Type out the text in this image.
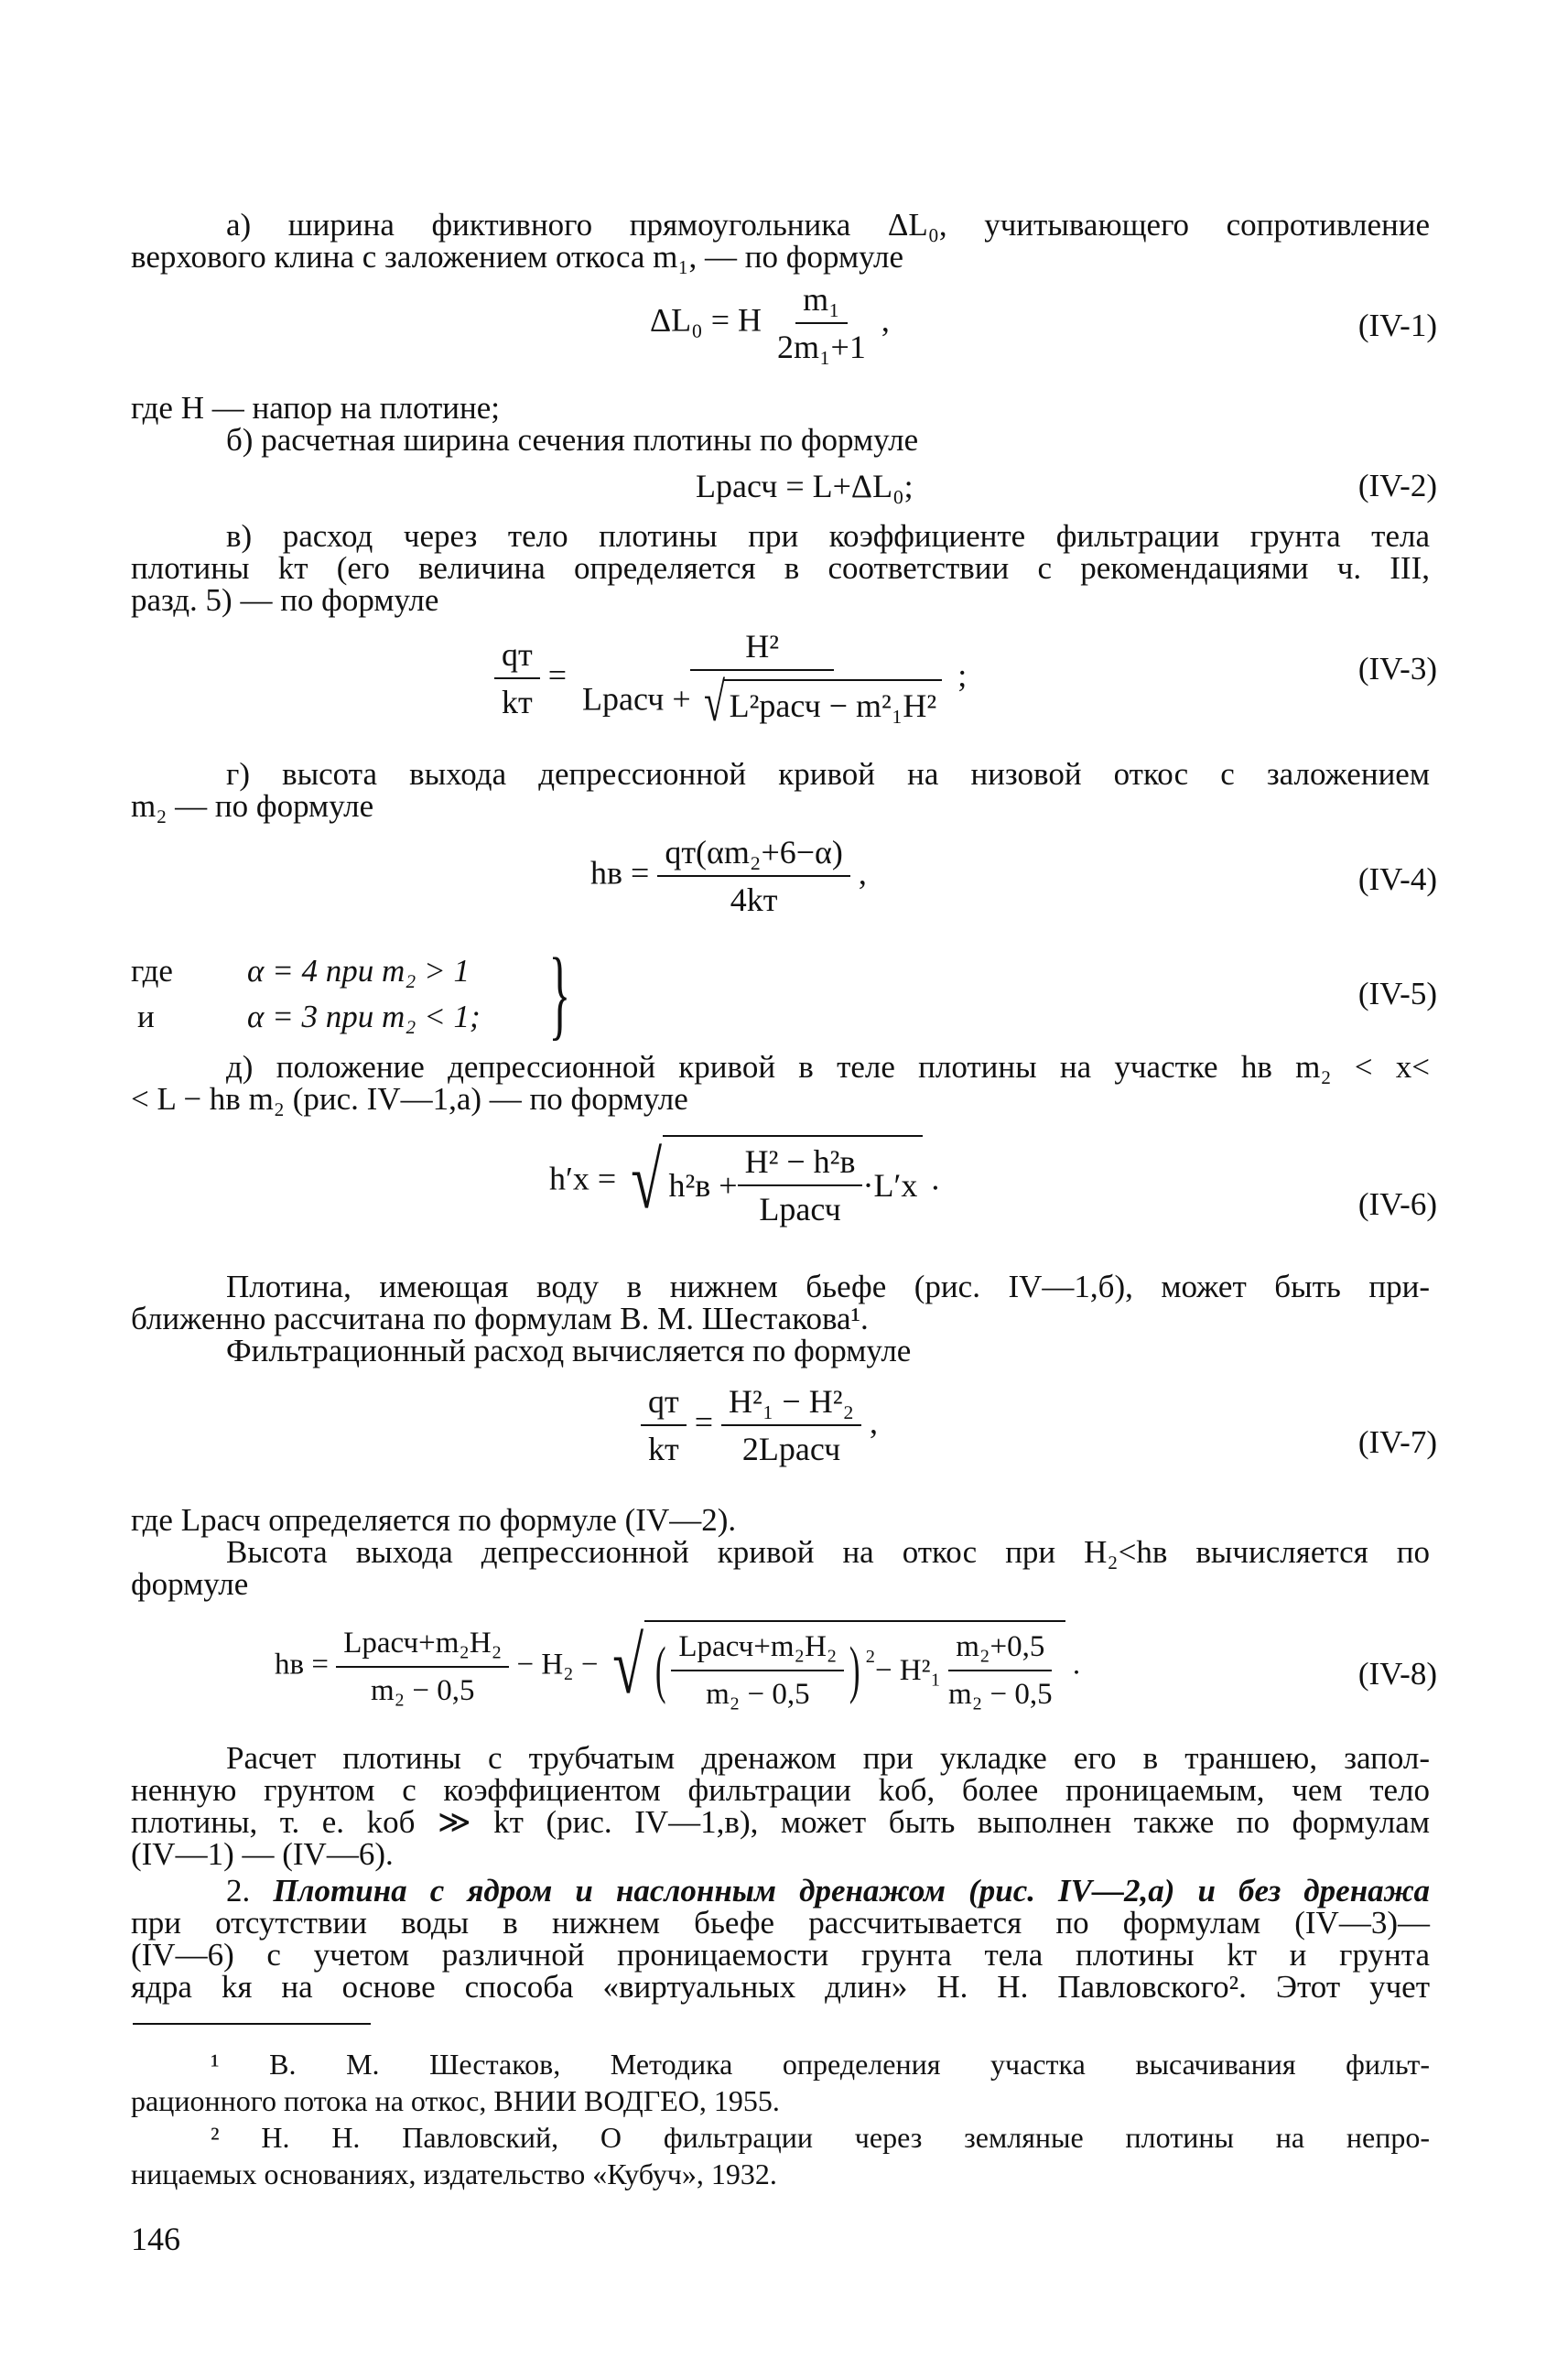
а) ширина фиктивного прямоугольника ΔL₀, учитывающего сопротивление
верхового клина с заложением откоса m₁, — по формуле
ΔL₀ = H $\frac{\text{m₁}}{\text{2m₁+1}}$ ,	(IV-1)
где H — напор на плотине;
б) расчетная ширина сечения плотины по формуле
Lрасч = L+ΔL₀;	(IV-2)
в) расход через тело плотины при коэффициенте фильтрации грунта тела
плотины kт (его величина определяется в соответствии с рекомендациями ч. III,
разд. 5) — по формуле
$\frac{qт}{kт} = \frac{\text{H²}}{\text{Lрасч + √ L²расч − m²₁H²}}$ ;	(IV-3)
г) высота выхода депрессионной кривой на низовой откос с заложением
m₂ — по формуле
hв = $\frac{\text{qт(αm₂+6−α)}}{4kт}$ ,	(IV-4)
где α = 4 при m₂ > 1
и	α = 3 при m₂ < 1; }	(IV-5)
д) положение депрессионной кривой в теле плотины на участке hв m₂ < x<
< L − hв m₂ (рис. IV—1,а) — по формуле
h′x = √ $h^2в + \frac{\text{H² − h²в}}{\text{Lрасч}} \cdot L'x$ .
(IV-6)
Плотина, имеющая воду в нижнем бьефе (рис. IV—1,б), может быть при-
ближенно рассчитана по формулам В. М. Шестакова¹.
Фильтрационный расход вычисляется по формуле
$\frac{qт}{kт} = \frac{\text{H²₁ − H²₂}}{\text{2Lрасч}}$ ,
(IV-7)
где Lрасч определяется по формуле (IV—2).
Высота выхода депрессионной кривой на откос при H₂<hв вычисляется по
формуле
hв = $\frac{\text{Lрасч+m₂H₂}}{\text{m₂ − 0,5}} - H_2$ − √ ( $\frac{\text{Lрасч+m₂H₂}}{\text{m₂ − 0,5}}$ ) $^2 - H^2_1 \frac{\text{m₂+0,5}}{\text{m₂ − 0,5}}$ .	(IV-8)
Расчет плотины с трубчатым дренажом при укладке его в траншею, запол-
ненную грунтом с коэффициентом фильтрации kоб, более проницаемым, чем тело
плотины, т. е. kоб ≫ kт (рис. IV—1,в), может быть выполнен также по формулам
(IV—1) — (IV—6).
2. Плотина с ядром и наслонным дренажом (рис. IV—2,а) и без дренажа
при отсутствии воды в нижнем бьефе рассчитывается по формулам (IV—3)—
(IV—6) с учетом различной проницаемости грунта тела плотины kт и грунта
ядра kя на основе способа «виртуальных длин» Н. Н. Павловского². Этот учет
¹ В. М. Шестаков, Методика определения участка высачивания фильт-
рационного потока на откос, ВНИИ ВОДГЕО, 1955.
² Н. Н. Павловский, О фильтрации через земляные плотины на непро-
ницаемых основаниях, издательство «Кубуч», 1932.
146
